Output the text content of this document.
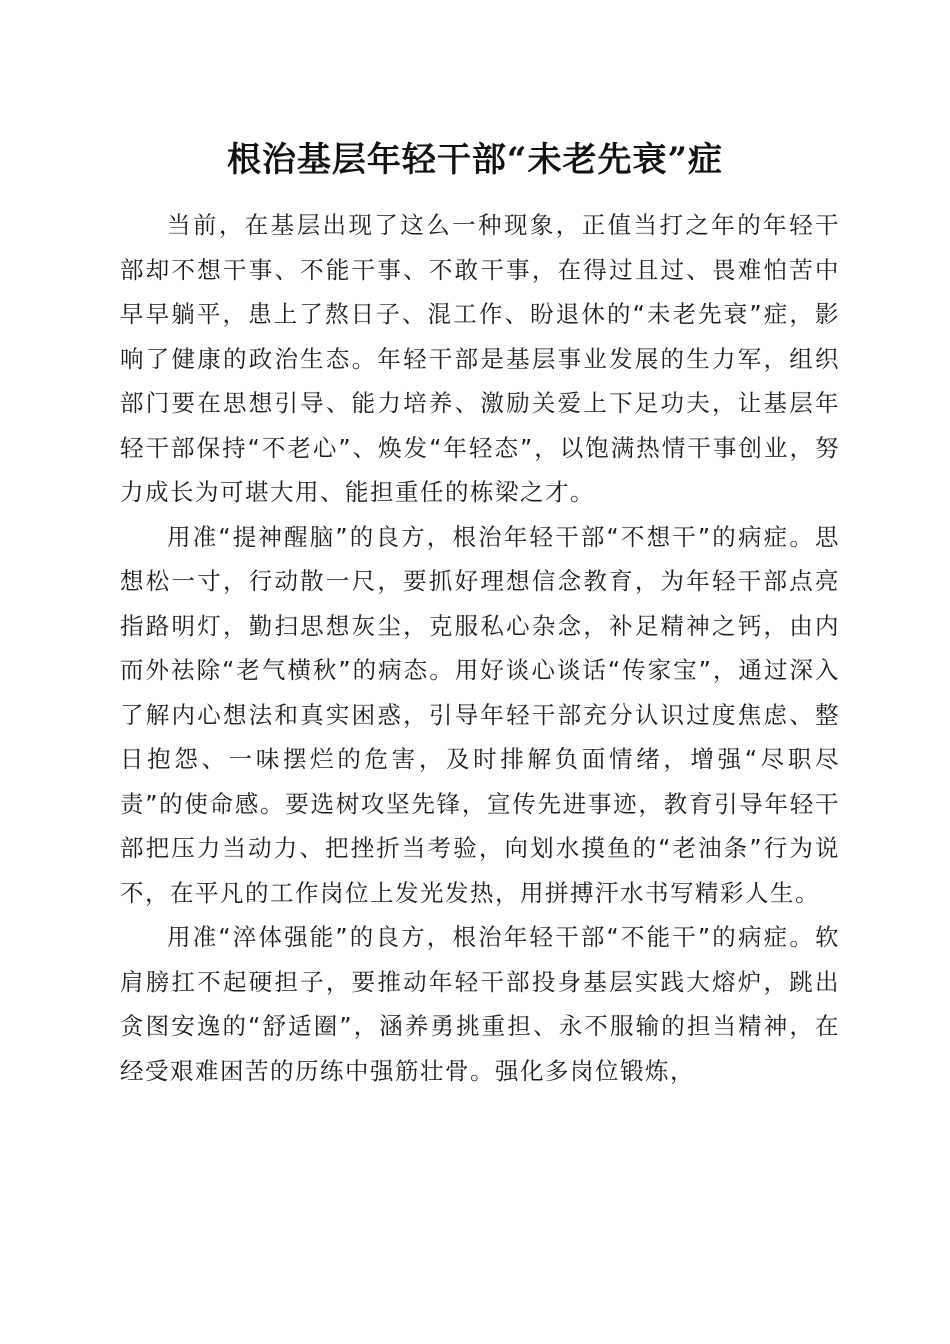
根治基层年轻干部“未老先衰”症

当前，在基层出现了这么一种现象，正值当打之年的年轻干部却不想干事、不能干事、不敢干事，在得过且过、畏难怕苦中早早躺平，患上了熬日子、混工作、盼退休的“未老先衰”症，影响了健康的政治生态。年轻干部是基层事业发展的生力军，组织部门要在思想引导、能力培养、激励关爱上下足功夫，让基层年轻干部保持“不老心”、焕发“年轻态”，以饱满热情干事创业，努力成长为可堪大用、能担重任的栋梁之才。

用准“提神醒脑”的良方，根治年轻干部“不想干”的病症。思想松一寸，行动散一尺，要抓好理想信念教育，为年轻干部点亮指路明灯，勤扫思想灰尘，克服私心杂念，补足精神之钙，由内而外祛除“老气横秋”的病态。用好谈心谈话“传家宝”，通过深入了解内心想法和真实困惑，引导年轻干部充分认识过度焦虑、整日抱怨、一味摆烂的危害，及时排解负面情绪，增强“尽职尽责”的使命感。要选树攻坚先锋，宣传先进事迹，教育引导年轻干部把压力当动力、把挫折当考验，向划水摸鱼的“老油条”行为说不，在平凡的工作岗位上发光发热，用拼搏汗水书写精彩人生。

用准“淬体强能”的良方，根治年轻干部“不能干”的病症。软肩膀扛不起硬担子，要推动年轻干部投身基层实践大熔炉，跳出贪图安逸的“舒适圈”，涵养勇挑重担、永不服输的担当精神，在经受艰难困苦的历练中强筋壮骨。强化多岗位锻炼，
